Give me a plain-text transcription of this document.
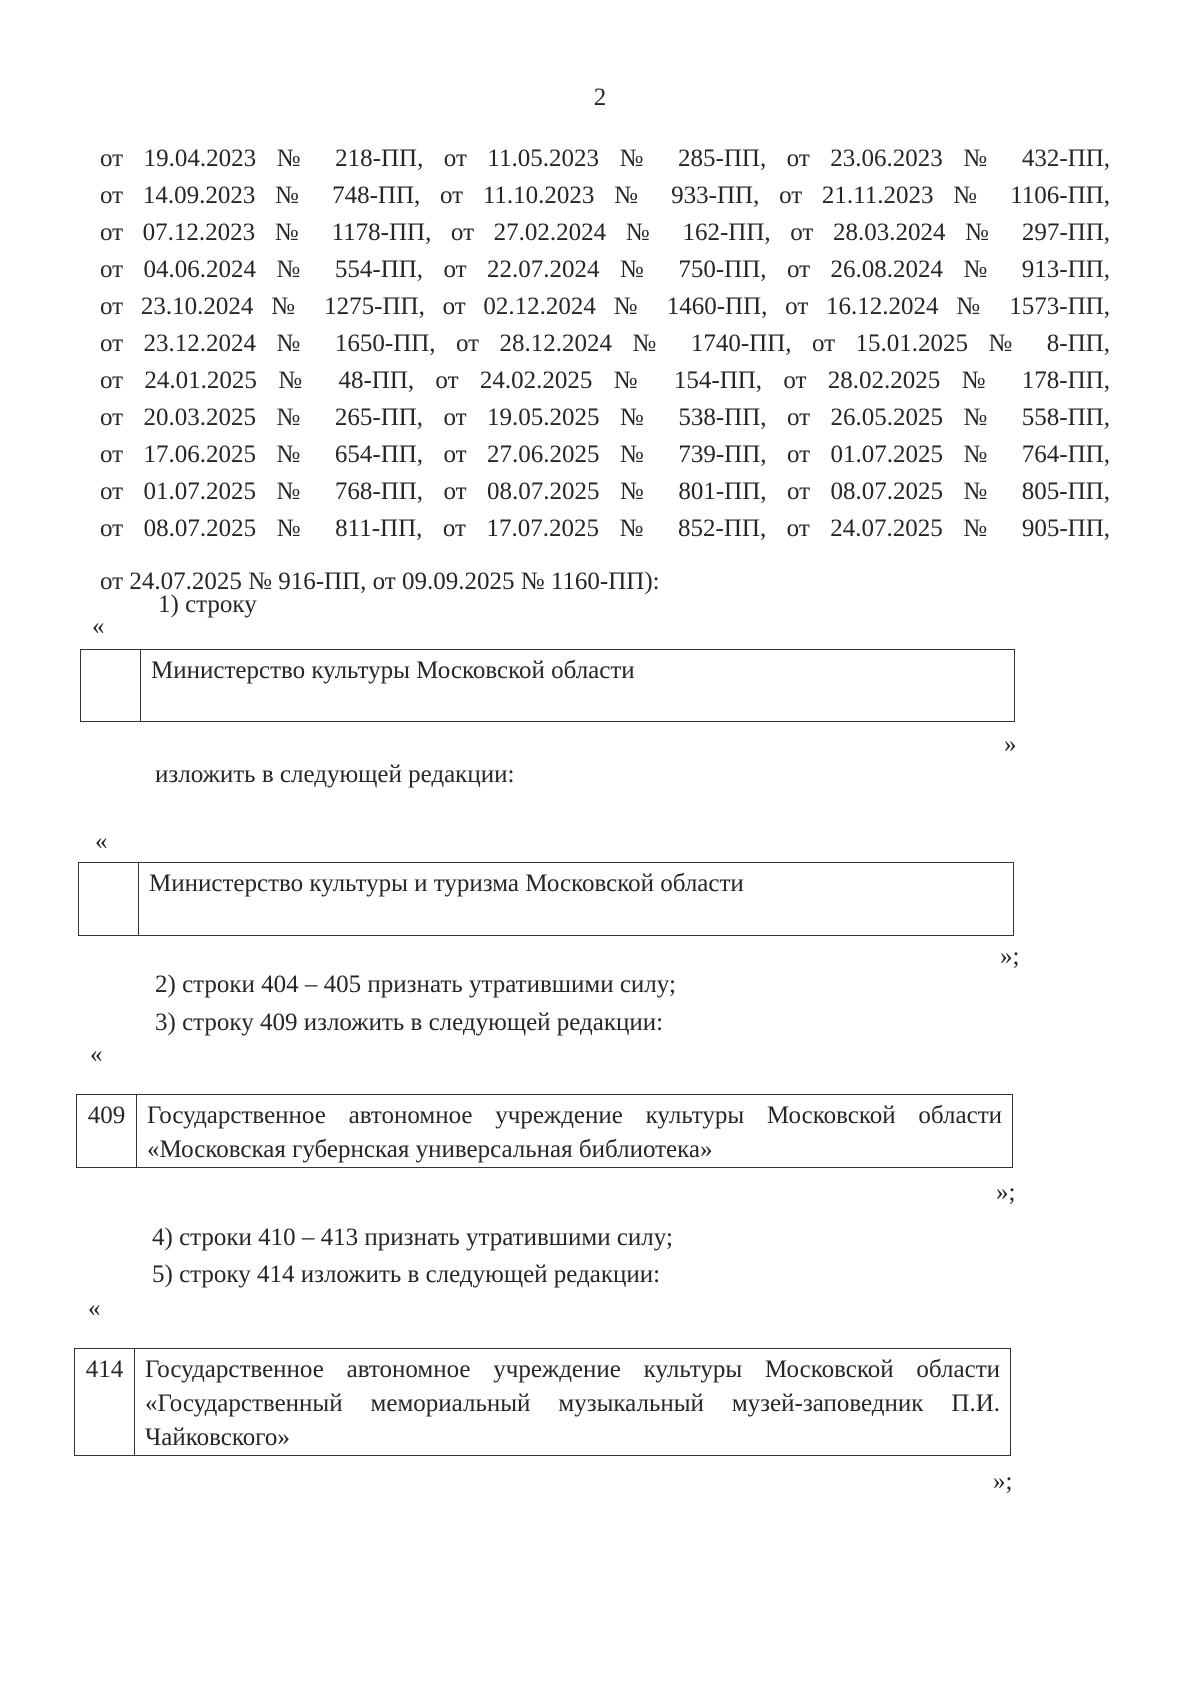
2
от 19.04.2023 № 218-ПП, от 11.05.2023 № 285-ПП, от 23.06.2023 № 432-ПП,
от 14.09.2023 № 748-ПП, от 11.10.2023 № 933-ПП, от 21.11.2023 № 1106-ПП,
от 07.12.2023 № 1178-ПП, от 27.02.2024 № 162-ПП, от 28.03.2024 № 297-ПП,
от 04.06.2024 № 554-ПП, от 22.07.2024 № 750-ПП, от 26.08.2024 № 913-ПП,
от 23.10.2024 № 1275-ПП, от 02.12.2024 № 1460-ПП, от 16.12.2024 № 1573-ПП,
от 23.12.2024 № 1650-ПП, от 28.12.2024 № 1740-ПП, от 15.01.2025 № 8-ПП,
от 24.01.2025 № 48-ПП, от 24.02.2025 № 154-ПП, от 28.02.2025 № 178-ПП,
от 20.03.2025 № 265-ПП, от 19.05.2025 № 538-ПП, от 26.05.2025 № 558-ПП,
от 17.06.2025 № 654-ПП, от 27.06.2025 № 739-ПП, от 01.07.2025 № 764-ПП,
от 01.07.2025 № 768-ПП, от 08.07.2025 № 801-ПП, от 08.07.2025 № 805-ПП,
от 08.07.2025 № 811-ПП, от 17.07.2025 № 852-ПП, от 24.07.2025 № 905-ПП,
от 24.07.2025 № 916-ПП, от 09.09.2025 № 1160-ПП):

1) строку

«
	Министерство культуры Московской области
»

изложить в следующей редакции:

«
	Министерство культуры и туризма Московской области
»;

2) строки 404 – 405 признать утратившими силу;

3) строку 409 изложить в следующей редакции:

«
409	Государственное автономное учреждение культуры Московской области «Московская губернская универсальная библиотека»
»;

4) строки 410 – 413 признать утратившими силу;

5) строку 414 изложить в следующей редакции:

«
414	Государственное автономное учреждение культуры Московской области «Государственный мемориальный музыкальный музей-заповедник П.И. Чайковского»
»;
